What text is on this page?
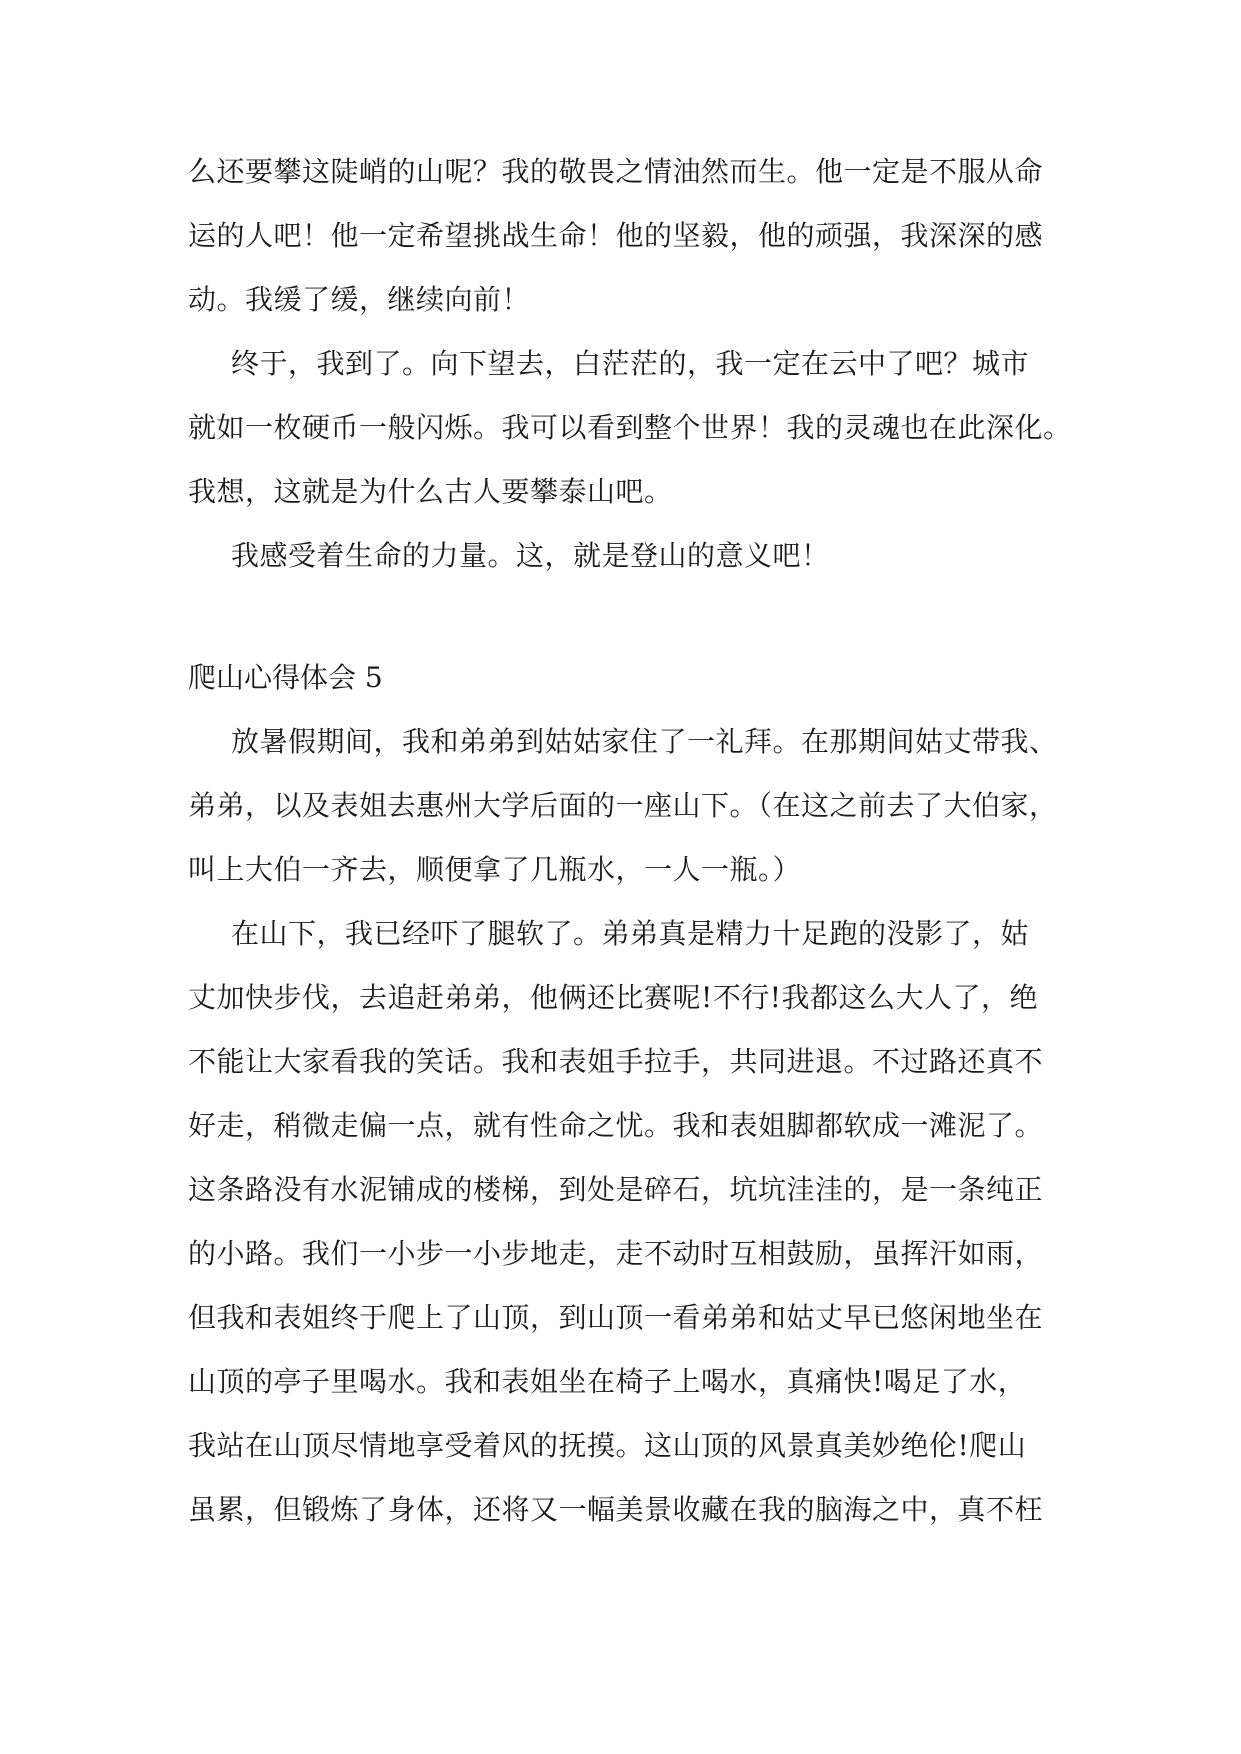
么还要攀这陡峭的山呢？我的敬畏之情油然而生。他一定是不服从命
运的人吧！他一定希望挑战生命！他的坚毅，他的顽强，我深深的感
动。我缓了缓，继续向前！
终于，我到了。向下望去，白茫茫的，我一定在云中了吧？城市
就如一枚硬币一般闪烁。我可以看到整个世界！我的灵魂也在此深化。
我想，这就是为什么古人要攀泰山吧。
我感受着生命的力量。这，就是登山的意义吧！
爬山心得体会 5
放暑假期间，我和弟弟到姑姑家住了一礼拜。在那期间姑丈带我、
弟弟，以及表姐去惠州大学后面的一座山下。（在这之前去了大伯家，
叫上大伯一齐去，顺便拿了几瓶水，一人一瓶。）
在山下，我已经吓了腿软了。弟弟真是精力十足跑的没影了，姑
丈加快步伐，去追赶弟弟，他俩还比赛呢!不行!我都这么大人了，绝
不能让大家看我的笑话。我和表姐手拉手，共同进退。不过路还真不
好走，稍微走偏一点，就有性命之忧。我和表姐脚都软成一滩泥了。
这条路没有水泥铺成的楼梯，到处是碎石，坑坑洼洼的，是一条纯正
的小路。我们一小步一小步地走，走不动时互相鼓励，虽挥汗如雨，
但我和表姐终于爬上了山顶，到山顶一看弟弟和姑丈早已悠闲地坐在
山顶的亭子里喝水。我和表姐坐在椅子上喝水，真痛快!喝足了水，
我站在山顶尽情地享受着风的抚摸。这山顶的风景真美妙绝伦!爬山
虽累，但锻炼了身体，还将又一幅美景收藏在我的脑海之中，真不枉
